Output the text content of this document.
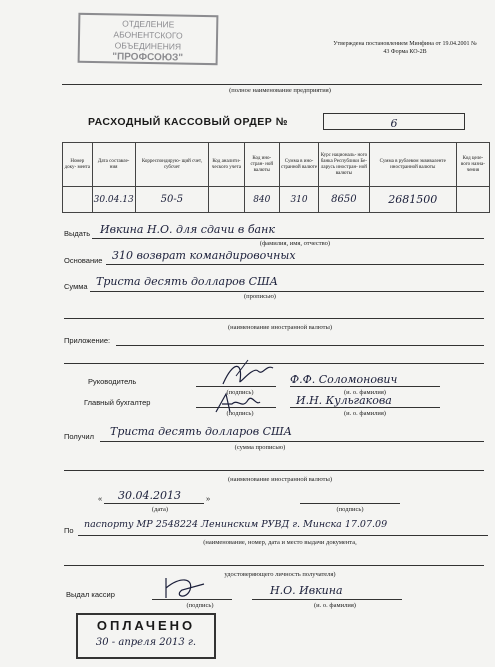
ОТДЕЛЕНИЕ
АБОНЕНТСКОГО
ОБЪЕДИНЕНИЯ
"ПРОФСОЮЗ"
Утверждена постановлением Минфина от 19.04.2001 № 43 Форма КО-2В
(полное наименование предприятия)
РАСХОДНЫЙ КАССОВЫЙ ОРДЕР №	6
Номер доку- мента	Дата составле- ния	Корреспондирую- щий счет, субсчет	Код аналити- ческого учета	Код ино- стран- ной валюты	Сумма в ино- странной валюте	Курс националь- ного банка Республики Бе- ларусь иностран- ной валюты	Сумма в рублевом эквиваленте иностранной валюты	Код целе- вого назна- чения
	30.04.13	50-5		840	310	8650	2681500	
Выдать Ивкина Н.О. для сдачи в банк
(фамилия, имя, отчество)
Основание 310 возврат командировочных
Сумма Триста десять долларов США
(прописью)
(наименование иностранной валюты)
Приложение:
Руководитель	Ф.Ф. Соломонович
(подпись)	(и. о. фамилия)
Главный бухгалтер	И.Н. Кульгакова
(подпись)	(и. о. фамилия)
Получил Триста десять долларов США
(сумма прописью)
(наименование иностранной валюты)
« 30.04.2013	»
(дата)	(подпись)
По
паспорту МР 2548224 Ленинским РУВД г. Минска 17.07.09
(наименование, номер, дата и место выдачи документа,
удостоверяющего личность получателя)
Выдал кассир	Н.О. Ивкина
(подпись)	(и. о. фамилия)
ОПЛАЧЕНО
30 - апреля 2013 г.
